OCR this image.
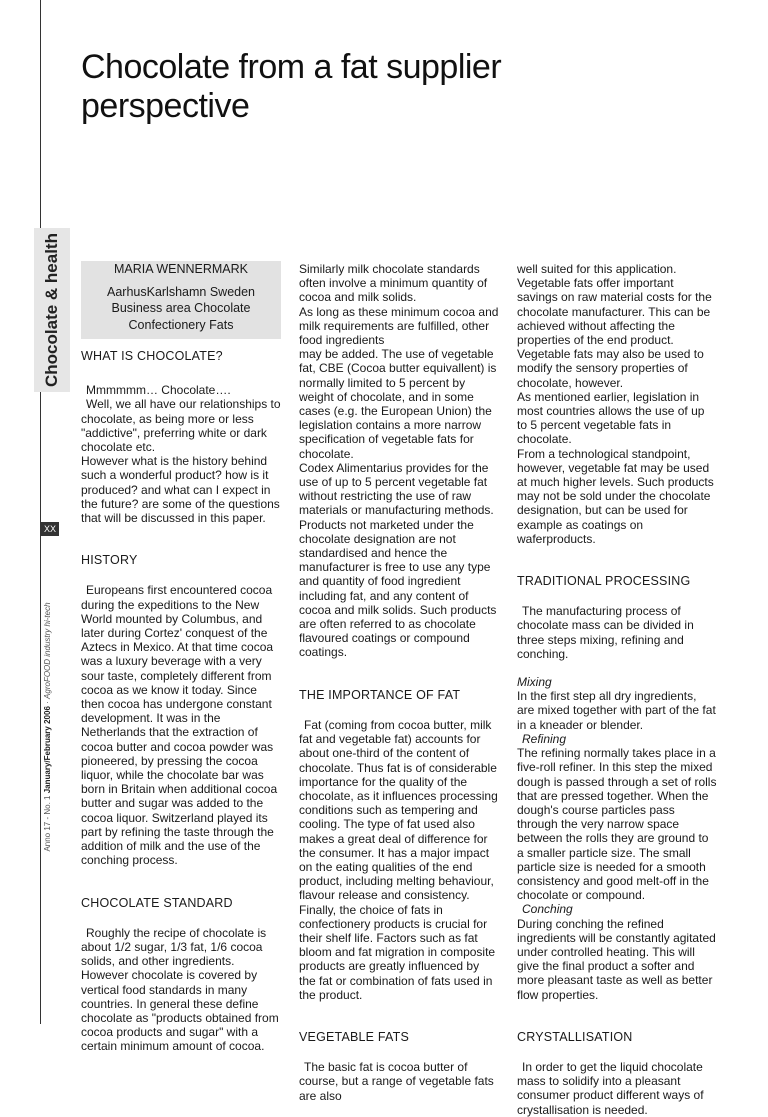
Chocolate & health
XX
Anno 17 - No. 1 January/February 2006 · AgroFOOD industry hi-tech
Chocolate from a fat supplier perspective
MARIA WENNERMARK
AarhusKarlshamn Sweden
Business area Chocolate Confectionery Fats
WHAT IS CHOCOLATE?

Mmmmmm… Chocolate….

Well, we all have our relationships to chocolate, as being more or less "addictive", preferring white or dark chocolate etc.

However what is the history behind such a wonderful product? how is it produced? and what can I expect in the future? are some of the questions that will be discussed in this paper.

HISTORY

Europeans first encountered cocoa during the expeditions to the New World mounted by Columbus, and later during Cortez' conquest of the Aztecs in Mexico. At that time cocoa was a luxury beverage with a very sour taste, completely different from cocoa as we know it today. Since then cocoa has undergone constant development. It was in the Netherlands that the extraction of cocoa butter and cocoa powder was pioneered, by pressing the cocoa liquor, while the chocolate bar was born in Britain when additional cocoa butter and sugar was added to the cocoa liquor. Switzerland played its part by refining the taste through the addition of milk and the use of the conching process.

CHOCOLATE STANDARD

Roughly the recipe of chocolate is about 1/2 sugar, 1/3 fat, 1/6 cocoa solids, and other ingredients.

However chocolate is covered by vertical food standards in many countries. In general these define chocolate as "products obtained from cocoa products and sugar" with a certain minimum amount of cocoa.

Similarly milk chocolate standards often involve a minimum quantity of cocoa and milk solids.

As long as these minimum cocoa and milk requirements are fulfilled, other food ingredients

may be added. The use of vegetable fat, CBE (Cocoa butter equivallent) is normally limited to 5 percent by weight of chocolate, and in some cases (e.g. the European Union) the legislation contains a more narrow specification of vegetable fats for chocolate.

Codex Alimentarius provides for the use of up to 5 percent vegetable fat without restricting the use of raw materials or manufacturing methods.

Products not marketed under the chocolate designation are not standardised and hence the manufacturer is free to use any type and quantity of food ingredient including fat, and any content of cocoa and milk solids. Such products are often referred to as chocolate flavoured coatings or compound coatings.

THE IMPORTANCE OF FAT

Fat (coming from cocoa butter, milk fat and vegetable fat) accounts for about one-third of the content of chocolate. Thus fat is of considerable importance for the quality of the chocolate, as it influences processing conditions such as tempering and cooling. The type of fat used also makes a great deal of difference for the consumer. It has a major impact on the eating qualities of the end product, including melting behaviour, flavour release and consistency. Finally, the choice of fats in confectionery products is crucial for their shelf life. Factors such as fat bloom and fat migration in composite products are greatly influenced by the fat or combination of fats used in the product.

VEGETABLE FATS

The basic fat is cocoa butter of course, but a range of vegetable fats are also

well suited for this application.

Vegetable fats offer important savings on raw material costs for the chocolate manufacturer. This can be achieved without affecting the properties of the end product. Vegetable fats may also be used to modify the sensory properties of chocolate, however.

As mentioned earlier, legislation in most countries allows the use of up to 5 percent vegetable fats in chocolate.

From a technological standpoint, however, vegetable fat may be used at much higher levels. Such products may not be sold under the chocolate designation, but can be used for example as coatings on waferproducts.

TRADITIONAL PROCESSING

The manufacturing process of chocolate mass can be divided in three steps mixing, refining and conching.

Mixing

In the first step all dry ingredients, are mixed together with part of the fat in a kneader or blender.

Refining

The refining normally takes place in a five-roll refiner. In this step the mixed dough is passed through a set of rolls that are pressed together. When the dough's course particles pass through the very narrow space between the rolls they are ground to a smaller particle size. The small particle size is needed for a smooth consistency and good melt-off in the chocolate or compound.

Conching

During conching the refined ingredients will be constantly agitated under controlled heating. This will give the final product a softer and more pleasant taste as well as better flow properties.

CRYSTALLISATION

In order to get the liquid chocolate mass to solidify into a pleasant consumer product different ways of crystallisation is needed.
